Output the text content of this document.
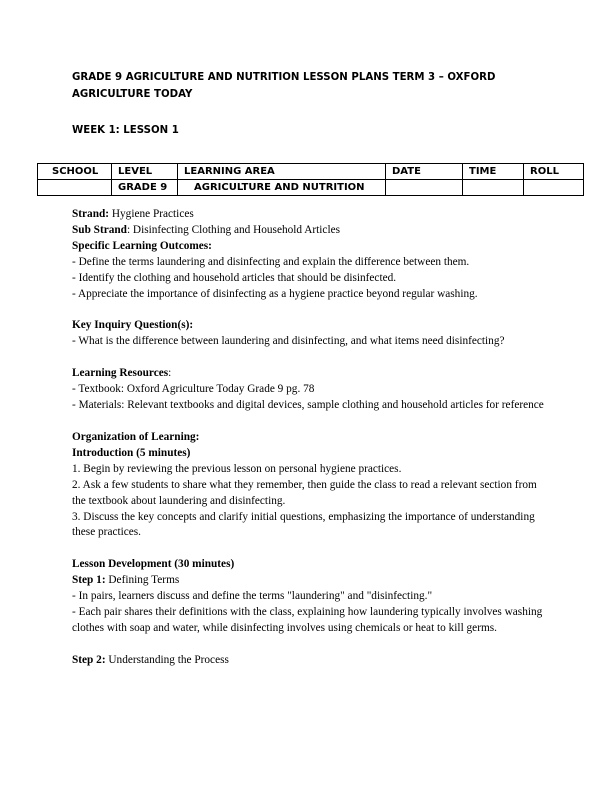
GRADE 9 AGRICULTURE AND NUTRITION LESSON PLANS TERM 3 – OXFORD AGRICULTURE TODAY
WEEK 1: LESSON 1
SCHOOL	LEVEL	LEARNING AREA	DATE	TIME	ROLL
	GRADE 9	AGRICULTURE AND NUTRITION			

Strand: Hygiene Practices

Sub Strand: Disinfecting Clothing and Household Articles

Specific Learning Outcomes:

- Define the terms laundering and disinfecting and explain the difference between them.

- Identify the clothing and household articles that should be disinfected.

- Appreciate the importance of disinfecting as a hygiene practice beyond regular washing.

Key Inquiry Question(s):

- What is the difference between laundering and disinfecting, and what items need disinfecting?

Learning Resources:

- Textbook: Oxford Agriculture Today Grade 9 pg. 78

- Materials: Relevant textbooks and digital devices, sample clothing and household articles for reference

Organization of Learning:

Introduction (5 minutes)

1. Begin by reviewing the previous lesson on personal hygiene practices.

2. Ask a few students to share what they remember, then guide the class to read a relevant section from the textbook about laundering and disinfecting.

3. Discuss the key concepts and clarify initial questions, emphasizing the importance of understanding these practices.

Lesson Development (30 minutes)

Step 1: Defining Terms

- In pairs, learners discuss and define the terms "laundering" and "disinfecting."

- Each pair shares their definitions with the class, explaining how laundering typically involves washing clothes with soap and water, while disinfecting involves using chemicals or heat to kill germs.

Step 2: Understanding the Process
